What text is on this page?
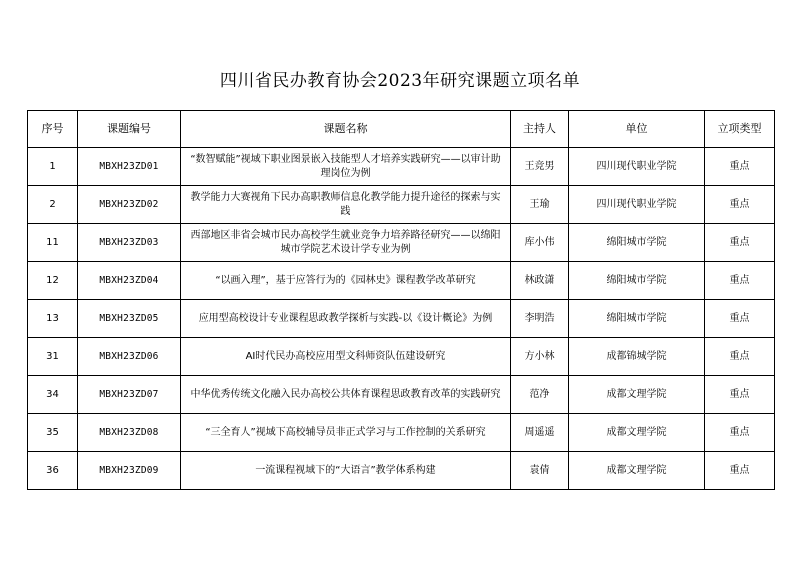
四川省民办教育协会2023年研究课题立项名单
序号	课题编号	课题名称	主持人	单位	立项类型
1	MBXH23ZD01	“数智赋能”视域下职业图景嵌入技能型人才培养实践研究——以审计助理岗位为例	王竞男	四川现代职业学院	重点
2	MBXH23ZD02	教学能力大赛视角下民办高职教师信息化教学能力提升途径的探索与实践	王瑜	四川现代职业学院	重点
11	MBXH23ZD03	西部地区非省会城市民办高校学生就业竞争力培养路径研究——以绵阳城市学院艺术设计学专业为例	库小伟	绵阳城市学院	重点
12	MBXH23ZD04	“以画入理”，基于应答行为的《园林史》课程教学改革研究	林政潇	绵阳城市学院	重点
13	MBXH23ZD05	应用型高校设计专业课程思政教学探析与实践-以《设计概论》为例	李明浩	绵阳城市学院	重点
31	MBXH23ZD06	AI时代民办高校应用型文科师资队伍建设研究	方小林	成都锦城学院	重点
34	MBXH23ZD07	中华优秀传统文化融入民办高校公共体育课程思政教育改革的实践研究	范净	成都文理学院	重点
35	MBXH23ZD08	“三全育人”视域下高校辅导员非正式学习与工作控制的关系研究	周遥遥	成都文理学院	重点
36	MBXH23ZD09	一流课程视域下的“大语言”教学体系构建	袁倩	成都文理学院	重点
